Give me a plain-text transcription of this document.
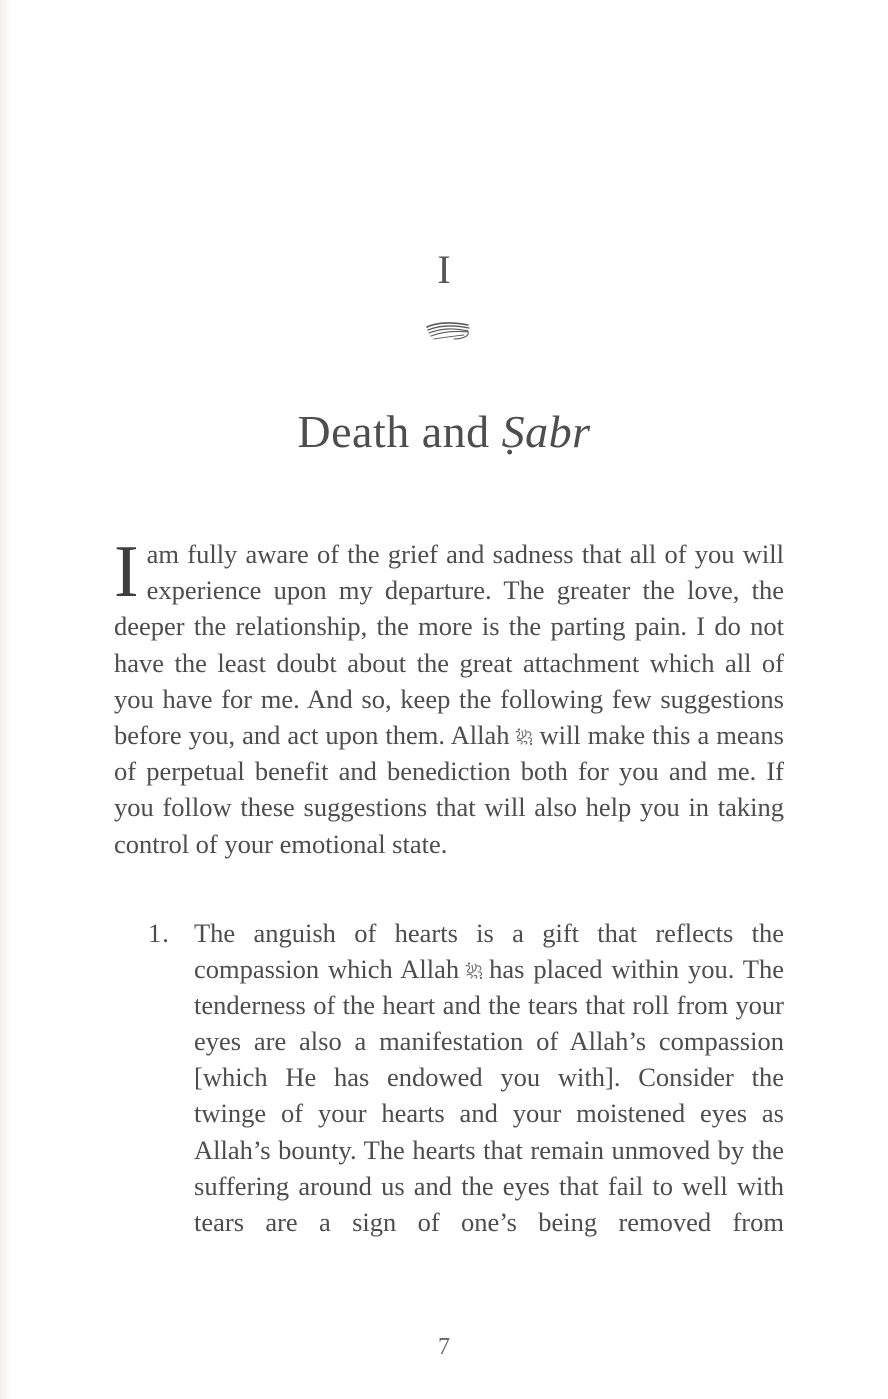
I
Death and Ṣabr

I am fully aware of the grief and sadness that all of you will experience upon my departure. The greater the love, the deeper the relationship, the more is the parting pain. I do not have the least doubt about the great attachment which all of you have for me. And so, keep the following few suggestions before you, and act upon them. Allah will make this a means of perpetual benefit and benediction both for you and me. If you follow these suggestions that will also help you in taking control of your emotional state.

1. The anguish of hearts is a gift that reflects the compassion which Allah has placed within you. The tenderness of the heart and the tears that roll from your eyes are also a manifestation of Allah’s compassion [which He has endowed you with]. Consider the twinge of your hearts and your moistened eyes as Allah’s bounty. The hearts that remain unmoved by the suffering around us and the eyes that fail to well with tears are a sign of one’s being removed from
7
